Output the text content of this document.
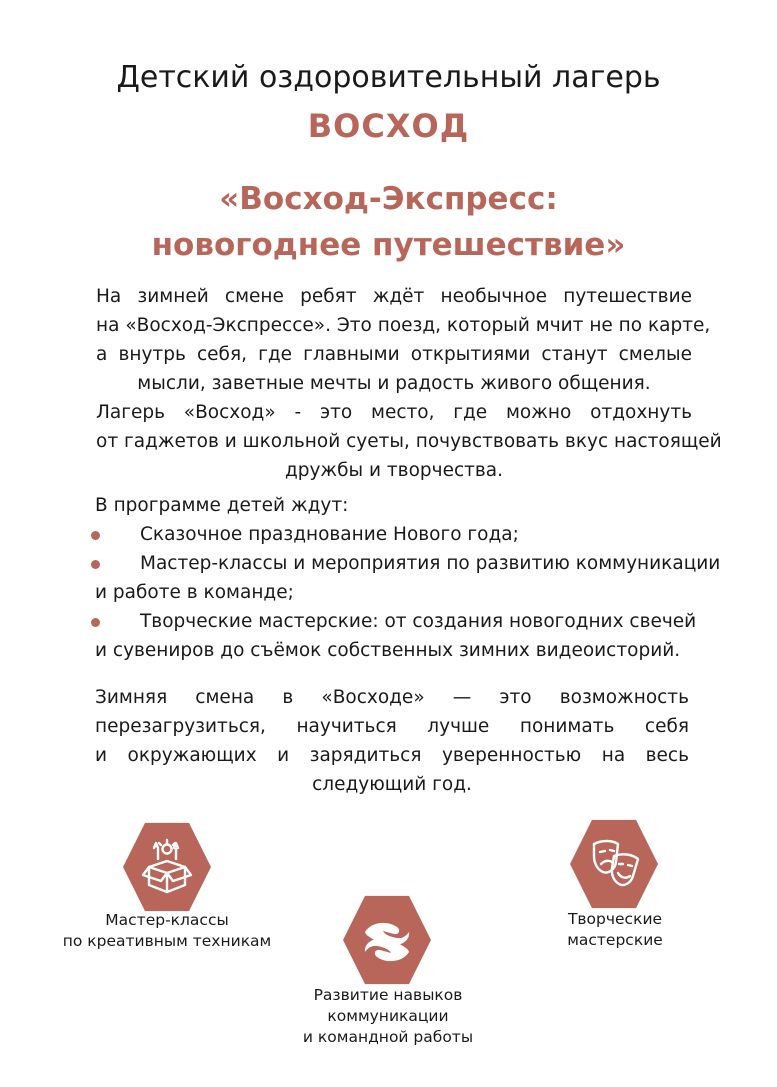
Детский оздоровительный лагерь
ВОСХОД
«Восход-Экспресс:
новогоднее путешествие»
На зимней смене ребят ждёт необычное путешествие
на «Восход-Экспрессе». Это поезд, который мчит не по карте,
а внутрь себя, где главными открытиями станут смелые
мысли, заветные мечты и радость живого общения.
Лагерь «Восход» - это место, где можно отдохнуть
от гаджетов и школьной суеты, почувствовать вкус настоящей
дружбы и творчества.
В программе детей ждут:
Сказочное празднование Нового года;
Мастер-классы и мероприятия по развитию коммуникации
и работе в команде;
Творческие мастерские: от создания новогодних свечей
и сувениров до съёмок собственных зимних видеоисторий.
Зимняя смена в «Восходе» — это возможность
перезагрузиться, научиться лучше понимать себя
и окружающих и зарядиться уверенностью на весь
следующий год.
Мастер-классы
по креативным техникам
Развитие навыков
коммуникации
и командной работы
Творческие
мастерские
